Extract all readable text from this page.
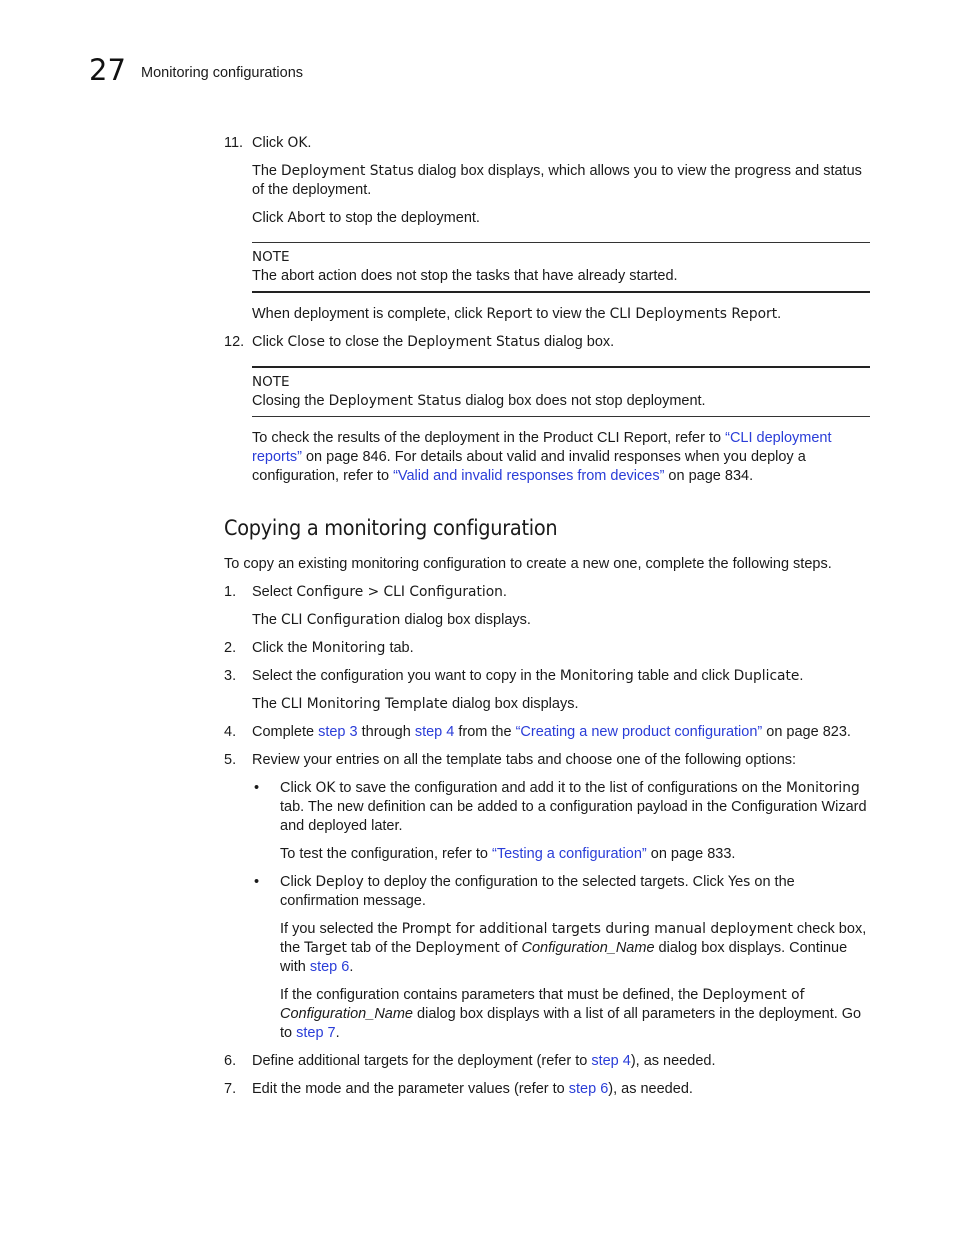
27 Monitoring configurations
11. Click OK.

The Deployment Status dialog box displays, which allows you to view the progress and status of the deployment.

Click Abort to stop the deployment.

NOTE
The abort action does not stop the tasks that have already started.

When deployment is complete, click Report to view the CLI Deployments Report.

12. Click Close to close the Deployment Status dialog box.
NOTE
Closing the Deployment Status dialog box does not stop deployment.

To check the results of the deployment in the Product CLI Report, refer to “CLI deployment reports” on page 846. For details about valid and invalid responses when you deploy a configuration, refer to “Valid and invalid responses from devices” on page 834.

Copying a monitoring configuration

To copy an existing monitoring configuration to create a new one, complete the following steps.

1. Select Configure > CLI Configuration.

The CLI Configuration dialog box displays.

2. Click the Monitoring tab.
3. Select the configuration you want to copy in the Monitoring table and click Duplicate.

The CLI Monitoring Template dialog box displays.

4. Complete step 3 through step 4 from the “Creating a new product configuration” on page 823.
5. Review your entries on all the template tabs and choose one of the following options:
• Click OK to save the configuration and add it to the list of configurations on the Monitoring tab. The new definition can be added to a configuration payload in the Configuration Wizard and deployed later.

To test the configuration, refer to “Testing a configuration” on page 833.

• Click Deploy to deploy the configuration to the selected targets. Click Yes on the confirmation message.

If you selected the Prompt for additional targets during manual deployment check box, the Target tab of the Deployment of Configuration_Name dialog box displays. Continue with step 6.

If the configuration contains parameters that must be defined, the Deployment of
Configuration_Name dialog box displays with a list of all parameters in the deployment. Go to step 7.

6. Define additional targets for the deployment (refer to step 4), as needed.
7. Edit the mode and the parameter values (refer to step 6), as needed.
